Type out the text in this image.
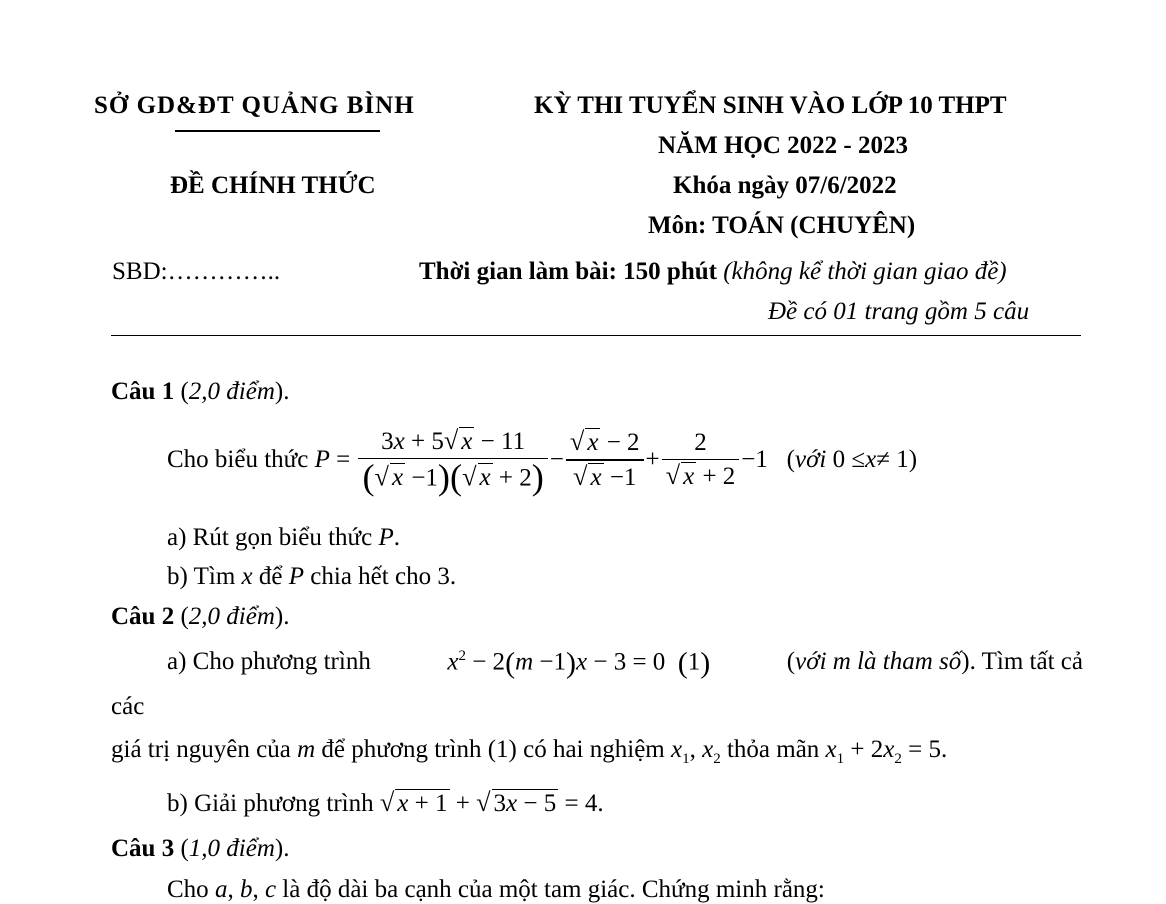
SỞ GD&ĐT QUẢNG BÌNH
ĐỀ CHÍNH THỨC
SBD:…………..
KỲ THI TUYỂN SINH VÀO LỚP 10 THPT
NĂM HỌC 2022 - 2023
Khóa ngày 07/6/2022
Môn: TOÁN (CHUYÊN)
Thời gian làm bài: 150 phút (không kể thời gian giao đề)
Đề có 01 trang gồm 5 câu
Câu 1 (2,0 điểm).
Cho biểu thức
$P = \frac{3x + 5√ x - 11}{(√ x -1)(√ x + 2)} - \frac{√ x - 2}{√ x -1} + \frac{2}{√ x + 2} -1$   ( với 0 ≤ x ≠ 1)
a) Rút gọn biểu thức P.
b) Tìm x để P chia hết cho 3.
Câu 2 (2,0 điểm).
a) Cho phương trình	$x^2 - 2(m -1)x - 3 = 0$  (1)	(với m là tham số). Tìm tất cả
các
giá trị nguyên của m để phương trình (1) có hai nghiệm $x_1$, $x_2$ thỏa mãn $x_1 + 2x_2 = 5$.
b) Giải phương trình √ x + 1 + √ 3x − 5 = 4.
Câu 3 (1,0 điểm).
Cho a, b, c là độ dài ba cạnh của một tam giác. Chứng minh rằng:
